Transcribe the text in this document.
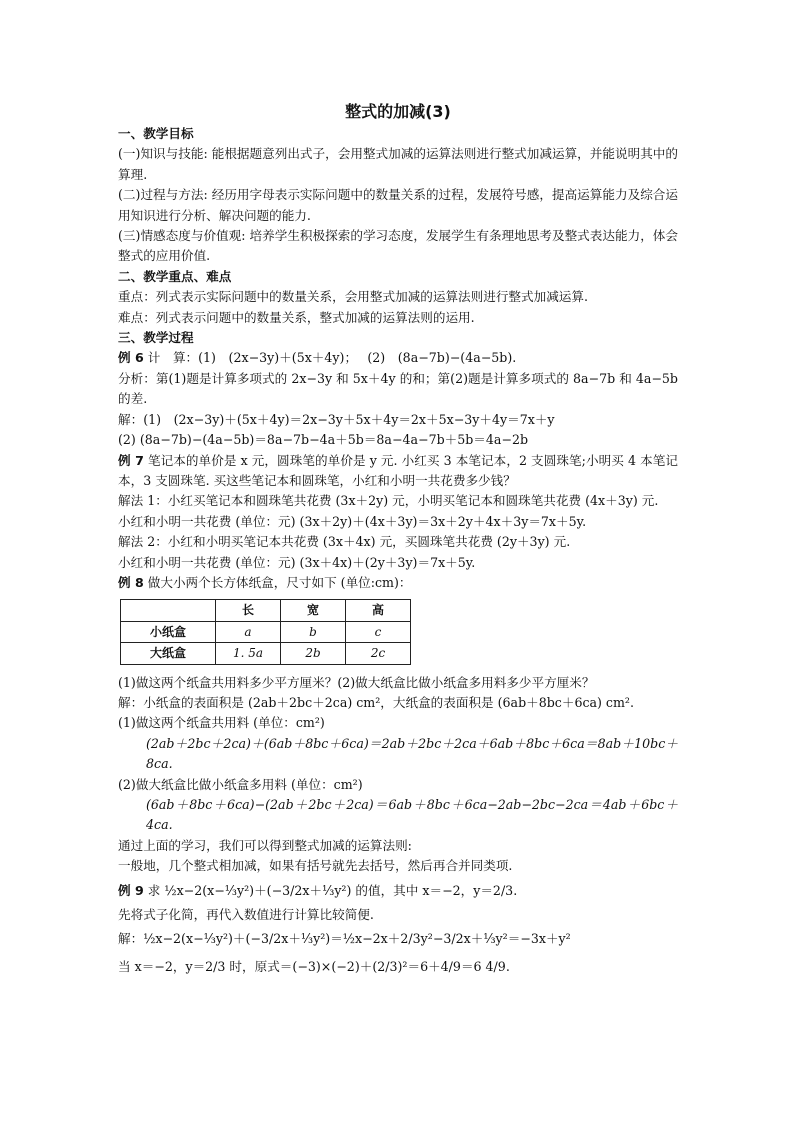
整式的加减(3)

一、教学目标

(一)知识与技能: 能根据题意列出式子，会用整式加减的运算法则进行整式加减运算，并能说明其中的算理.

(二)过程与方法: 经历用字母表示实际问题中的数量关系的过程，发展符号感，提高运算能力及综合运用知识进行分析、解决问题的能力.

(三)情感态度与价值观: 培养学生积极探索的学习态度，发展学生有条理地思考及整式表达能力，体会整式的应用价值.

二、教学重点、难点

重点：列式表示实际问题中的数量关系，会用整式加减的运算法则进行整式加减运算.

难点：列式表示问题中的数量关系，整式加减的运算法则的运用.

三、教学过程

例 6 计　算：(1)　(2x−3y)＋(5x＋4y)；　 (2)　(8a−7b)−(4a−5b).

分析：第(1)题是计算多项式的 2x−3y 和 5x＋4y 的和；第(2)题是计算多项式的 8a−7b 和 4a−5b 的差.

解：(1)　(2x−3y)＋(5x＋4y)＝2x−3y＋5x＋4y＝2x＋5x−3y＋4y＝7x＋y

(2) (8a−7b)−(4a−5b)＝8a−7b−4a＋5b＝8a−4a−7b＋5b＝4a−2b

例 7 笔记本的单价是 x 元，圆珠笔的单价是 y 元. 小红买 3 本笔记本，2 支圆珠笔;小明买 4 本笔记本，3 支圆珠笔. 买这些笔记本和圆珠笔，小红和小明一共花费多少钱？

解法 1：小红买笔记本和圆珠笔共花费 (3x＋2y) 元，小明买笔记本和圆珠笔共花费 (4x＋3y) 元.

小红和小明一共花费 (单位：元) (3x＋2y)＋(4x＋3y)＝3x＋2y＋4x＋3y＝7x＋5y.

解法 2：小红和小明买笔记本共花费 (3x＋4x) 元，买圆珠笔共花费 (2y＋3y) 元.

小红和小明一共花费 (单位：元) (3x＋4x)＋(2y＋3y)＝7x＋5y.

例 8 做大小两个长方体纸盒，尺寸如下 (单位:cm)：

	长	宽	高
小纸盒	a	b	c
大纸盒	1. 5a	2b	2c

(1)做这两个纸盒共用料多少平方厘米？(2)做大纸盒比做小纸盒多用料多少平方厘米？

解：小纸盒的表面积是 (2ab＋2bc＋2ca) cm²，大纸盒的表面积是 (6ab＋8bc＋6ca) cm².

(1)做这两个纸盒共用料 (单位：cm²)

(2ab＋2bc＋2ca)＋(6ab＋8bc＋6ca)＝2ab＋2bc＋2ca＋6ab＋8bc＋6ca＝8ab＋10bc＋8ca.

(2)做大纸盒比做小纸盒多用料 (单位：cm²)

(6ab＋8bc＋6ca)−(2ab＋2bc＋2ca)＝6ab＋8bc＋6ca−2ab−2bc−2ca＝4ab＋6bc＋4ca.

通过上面的学习，我们可以得到整式加减的运算法则:

一般地，几个整式相加减，如果有括号就先去括号，然后再合并同类项.

例 9 求 ½x−2(x−⅓y²)＋(−3/2x＋⅓y²) 的值，其中 x＝−2，y＝2/3.

先将式子化简，再代入数值进行计算比较简便.

解：½x−2(x−⅓y²)＋(−3/2x＋⅓y²)＝½x−2x＋2/3y²−3/2x＋⅓y²＝−3x＋y²

当 x＝−2，y＝2/3 时，原式＝(−3)×(−2)＋(2/3)²＝6＋4/9＝6 4/9.
